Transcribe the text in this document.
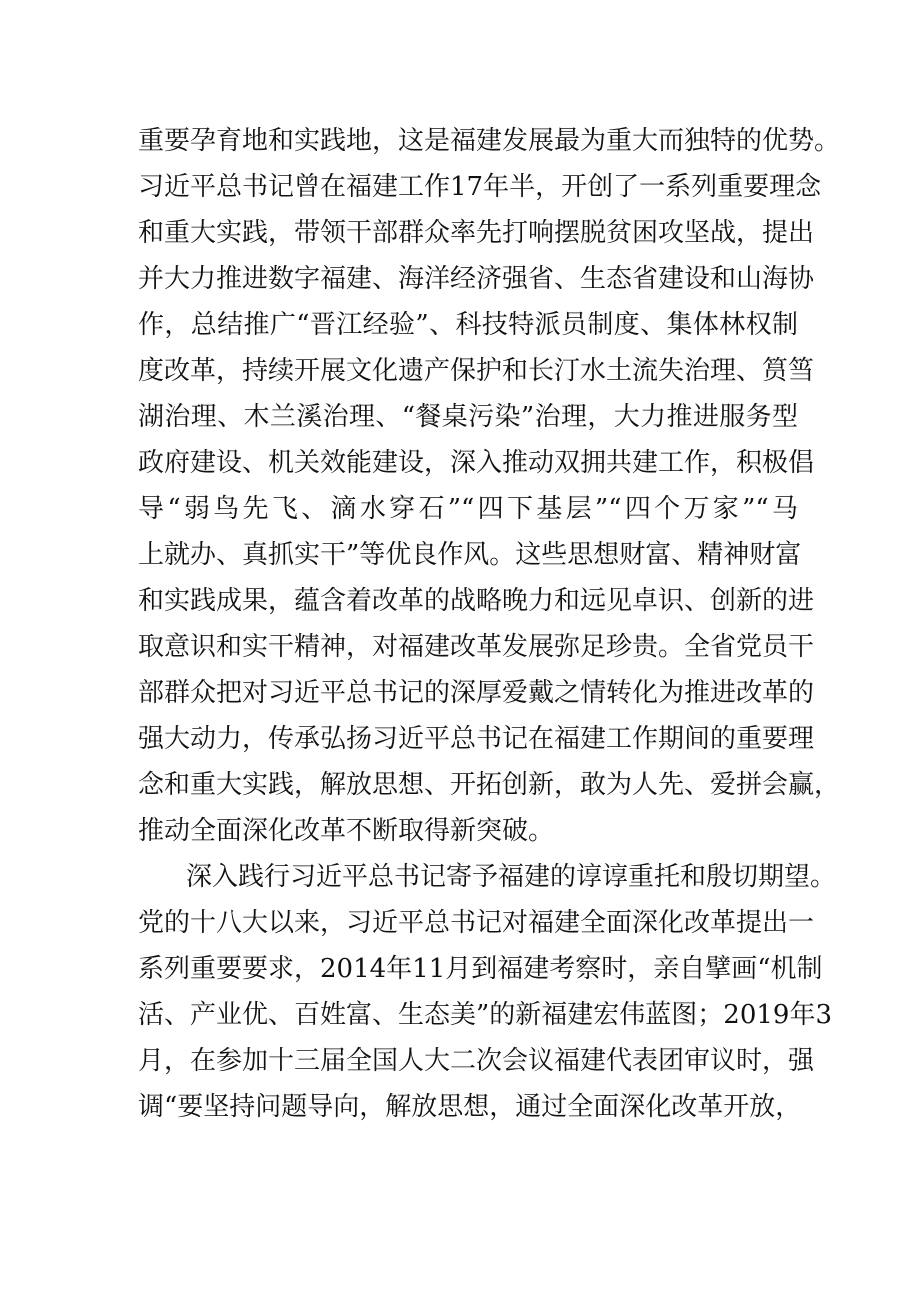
重要孕育地和实践地，这是福建发展最为重大而独特的优势。
习近平总书记曾在福建工作17年半，开创了一系列重要理念
和重大实践，带领干部群众率先打响摆脱贫困攻坚战，提出
并大力推进数字福建、海洋经济强省、生态省建设和山海协
作，总结推广“晋江经验”、科技特派员制度、集体林权制
度改革，持续开展文化遗产保护和长汀水土流失治理、筼筜
湖治理、木兰溪治理、“餐桌污染”治理，大力推进服务型
政府建设、机关效能建设，深入推动双拥共建工作，积极倡
导“弱鸟先飞、滴水穿石”“四下基层”“四个万家”“马
上就办、真抓实干”等优良作风。这些思想财富、精神财富
和实践成果，蕴含着改革的战略晚力和远见卓识、创新的进
取意识和实干精神，对福建改革发展弥足珍贵。全省党员干
部群众把对习近平总书记的深厚爱戴之情转化为推进改革的
强大动力，传承弘扬习近平总书记在福建工作期间的重要理
念和重大实践，解放思想、开拓创新，敢为人先、爱拼会赢，
推动全面深化改革不断取得新突破。
深入践行习近平总书记寄予福建的谆谆重托和殷切期望。
党的十八大以来，习近平总书记对福建全面深化改革提出一
系列重要要求，2014年11月到福建考察时，亲自擘画“机制
活、产业优、百姓富、生态美”的新福建宏伟蓝图；2019年3
月，在参加十三届全国人大二次会议福建代表团审议时，强
调“要坚持问题导向，解放思想，通过全面深化改革开放，
